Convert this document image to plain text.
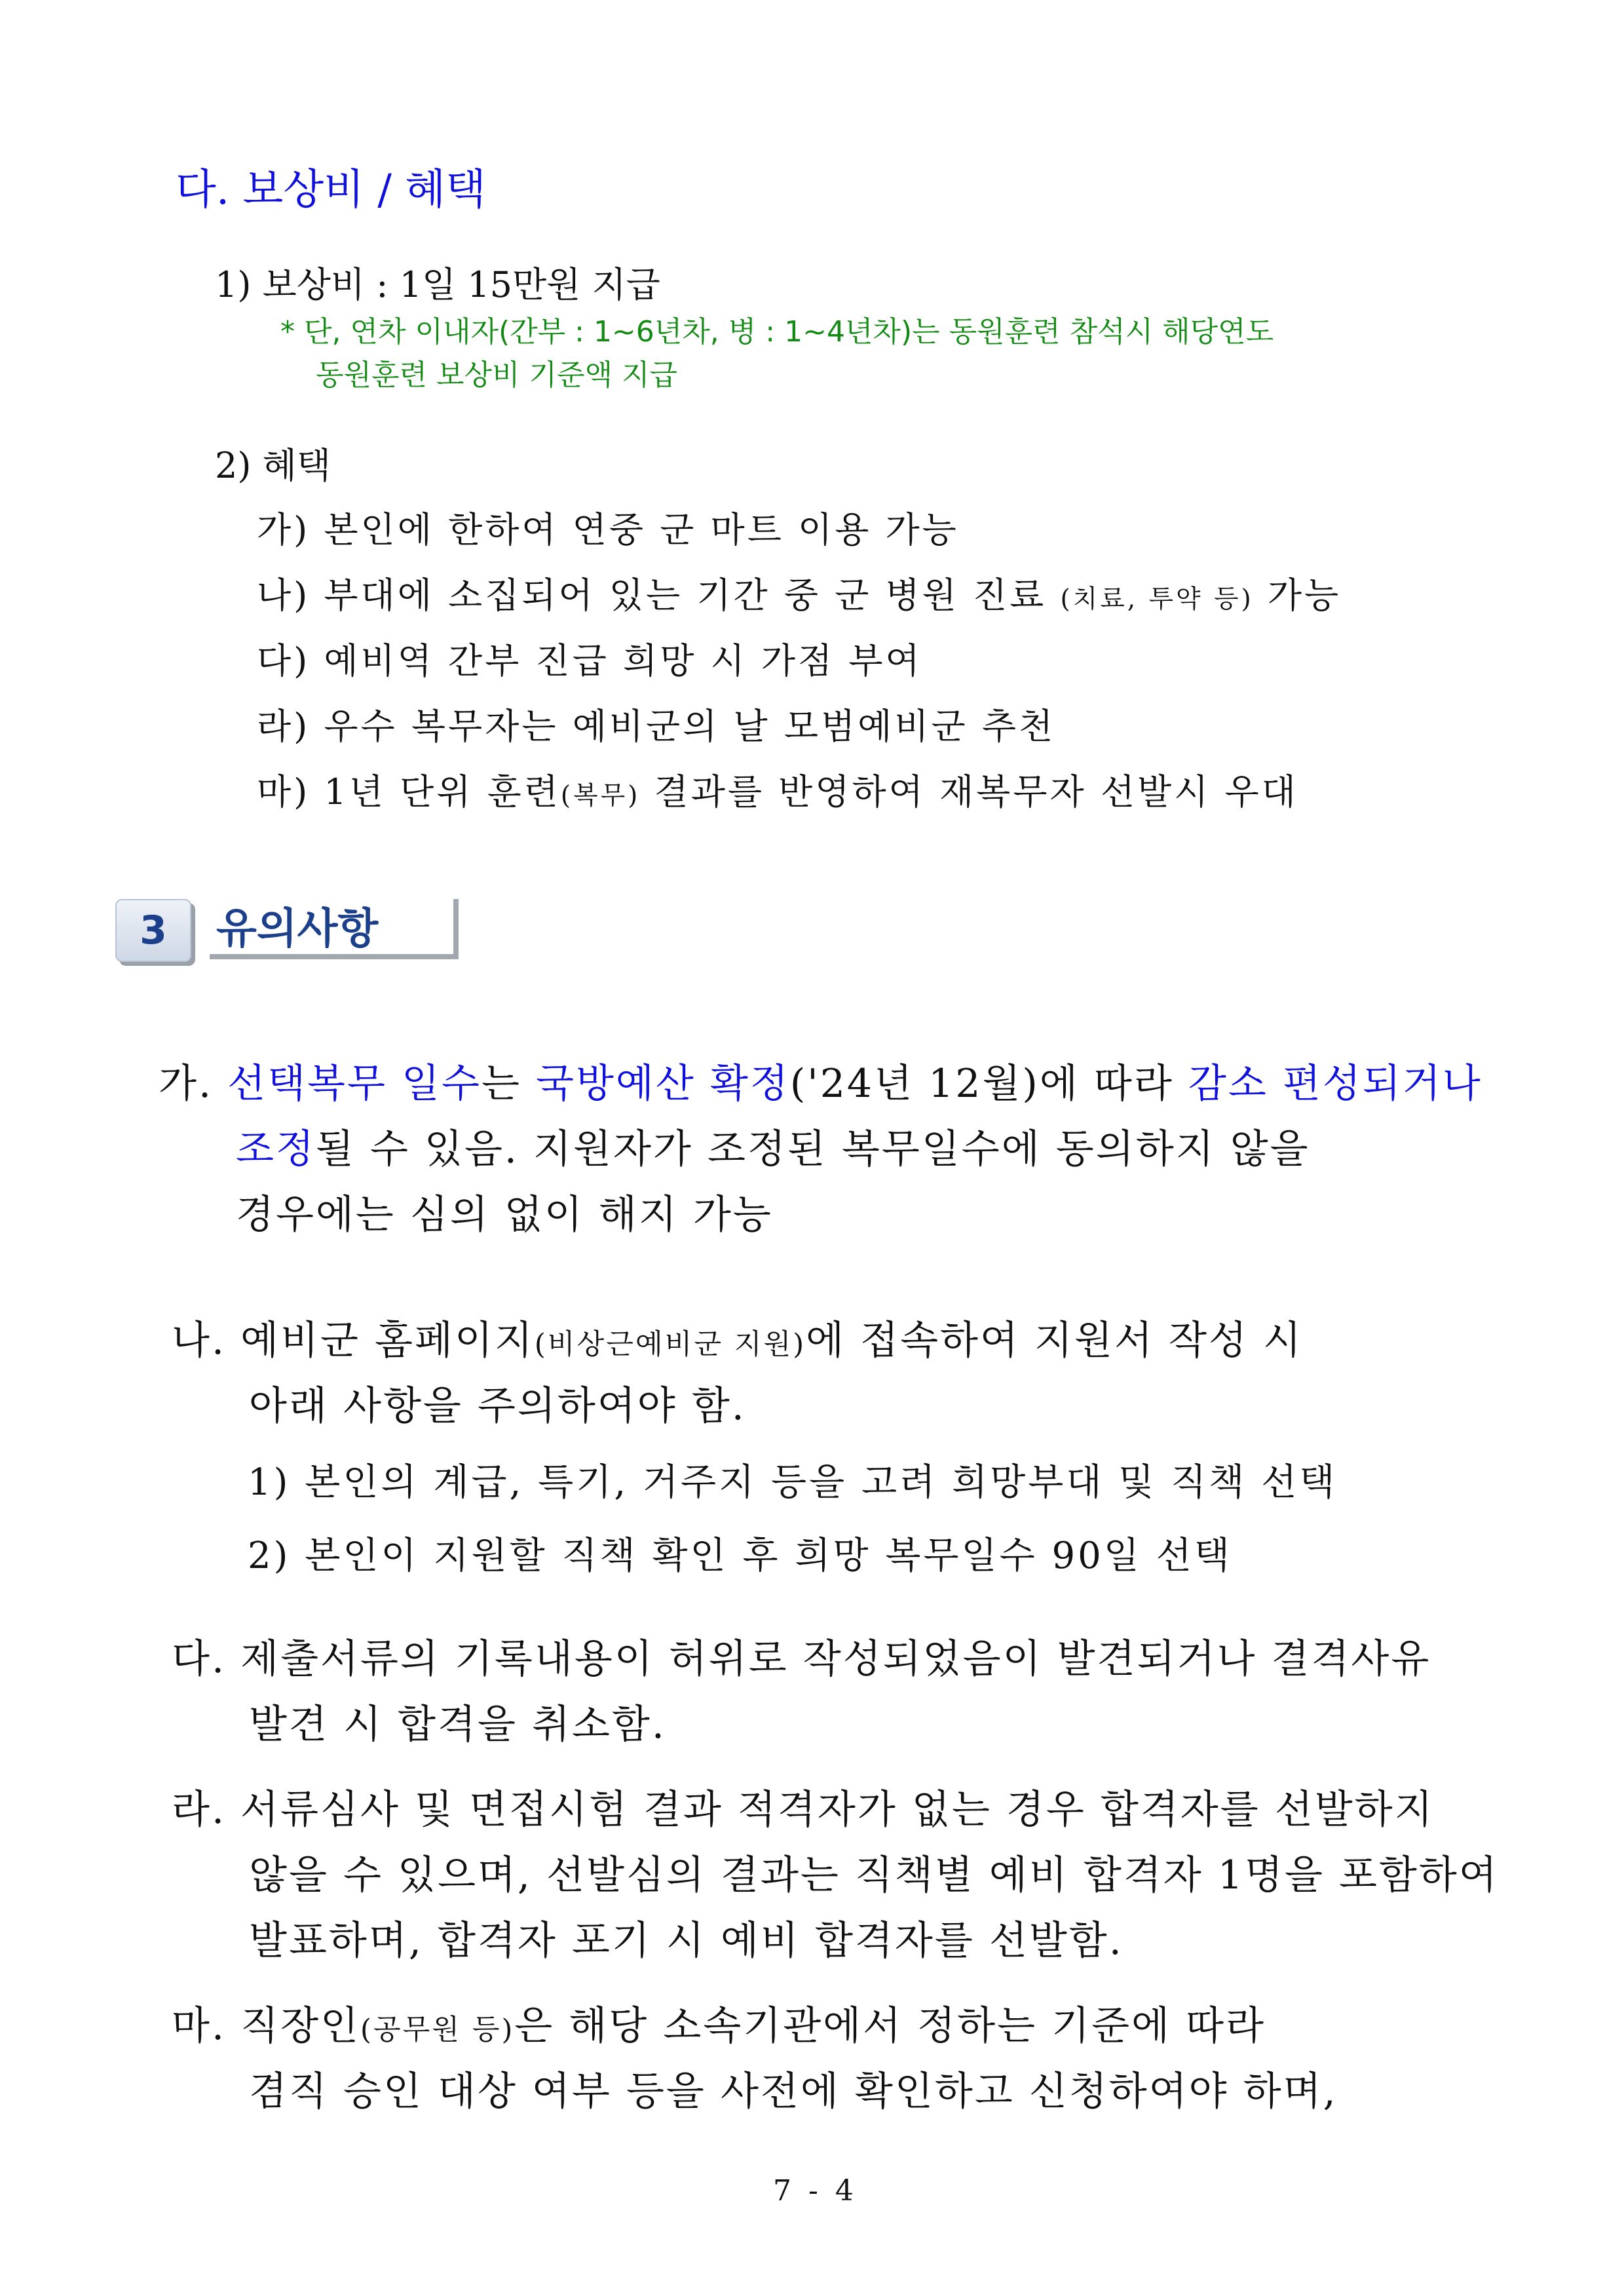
다. 보상비 / 혜택
1) 보상비 : 1일 15만원 지급
* 단, 연차 이내자(간부 : 1~6년차, 병 : 1~4년차)는 동원훈련 참석시 해당연도
동원훈련 보상비 기준액 지급
2) 혜택
가) 본인에 한하여 연중 군 마트 이용 가능
나) 부대에 소집되어 있는 기간 중 군 병원 진료 (치료, 투약 등) 가능
다) 예비역 간부 진급 희망 시 가점 부여
라) 우수 복무자는 예비군의 날 모범예비군 추천
마) 1년 단위 훈련(복무) 결과를 반영하여 재복무자 선발시 우대
3	유의사항
가. 선택복무 일수는 국방예산 확정('24년 12월)에 따라 감소 편성되거나
조정될 수 있음. 지원자가 조정된 복무일수에 동의하지 않을
경우에는 심의 없이 해지 가능
나. 예비군 홈페이지(비상근예비군 지원)에 접속하여 지원서 작성 시
아래 사항을 주의하여야 함.
1) 본인의 계급, 특기, 거주지 등을 고려 희망부대 및 직책 선택
2) 본인이 지원할 직책 확인 후 희망 복무일수 90일 선택
다. 제출서류의 기록내용이 허위로 작성되었음이 발견되거나 결격사유
발견 시 합격을 취소함.
라. 서류심사 및 면접시험 결과 적격자가 없는 경우 합격자를 선발하지
않을 수 있으며, 선발심의 결과는 직책별 예비 합격자 1명을 포함하여
발표하며, 합격자 포기 시 예비 합격자를 선발함.
마. 직장인(공무원 등)은 해당 소속기관에서 정하는 기준에 따라
겸직 승인 대상 여부 등을 사전에 확인하고 신청하여야 하며,
7 - 4
